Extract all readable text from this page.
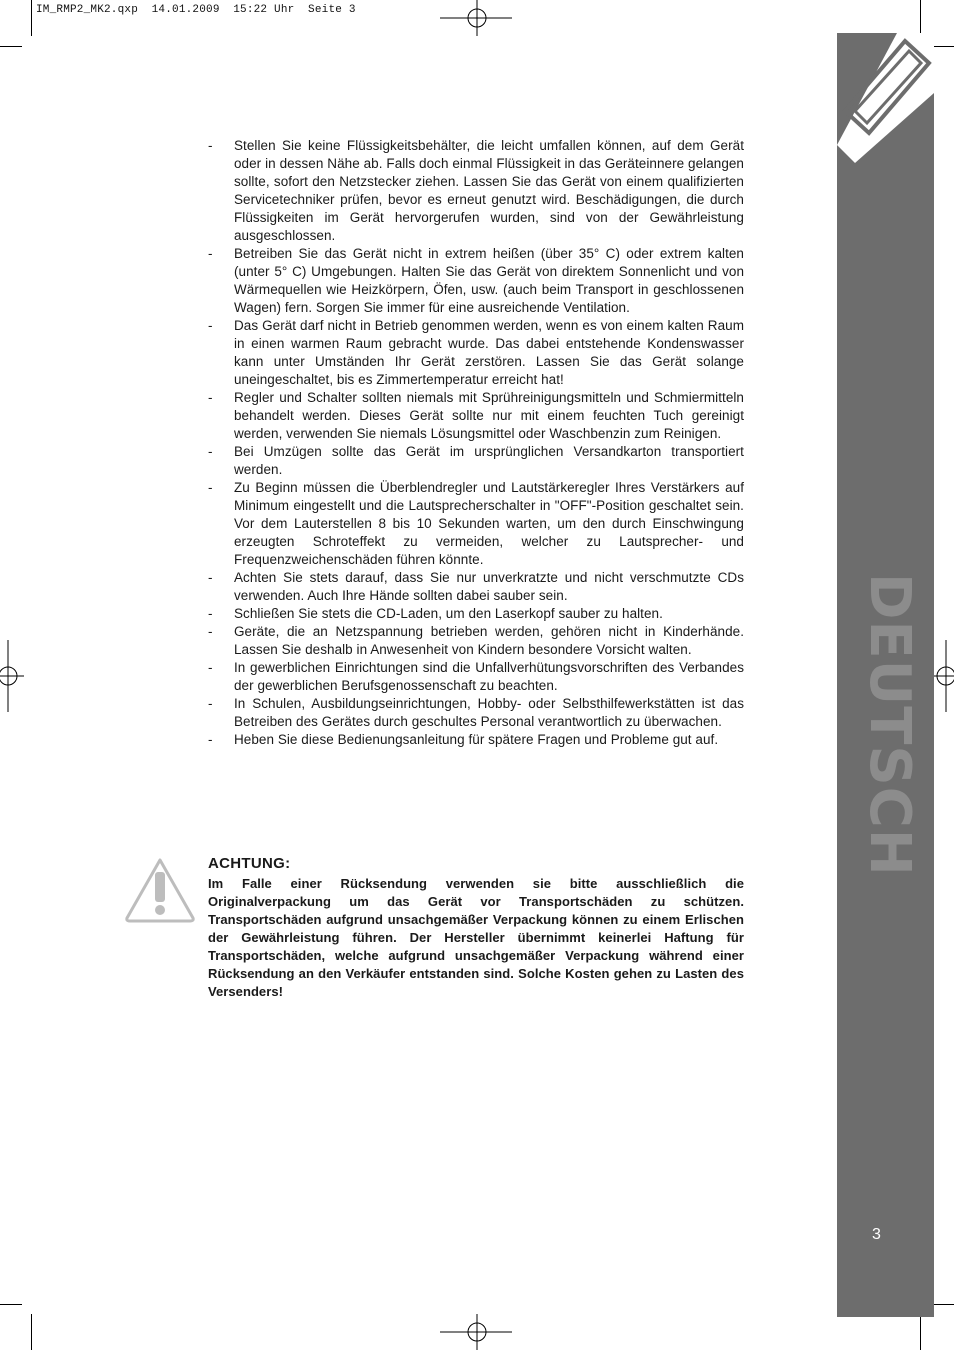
IM_RMP2_MK2.qxp  14.01.2009  15:22 Uhr  Seite 3
DEUTSCH
3
- Stellen Sie keine Flüssigkeitsbehälter, die leicht umfallen können, auf dem Gerät oder in dessen Nähe ab. Falls doch einmal Flüssigkeit in das Geräteinnere gelangen sollte, sofort den Netzstecker ziehen. Lassen Sie das Gerät von einem qualifizierten Servicetechniker prüfen, bevor es erneut genutzt wird. Beschädigungen, die durch Flüssigkeiten im Gerät hervorgerufen wurden, sind von der Gewährleistung ausgeschlossen.
- Betreiben Sie das Gerät nicht in extrem heißen (über 35° C) oder extrem kalten (unter 5° C) Umgebungen. Halten Sie das Gerät von direktem Sonnenlicht und von Wärmequellen wie Heizkörpern, Öfen, usw. (auch beim Transport in geschlossenen Wagen) fern. Sorgen Sie immer für eine ausreichende Ventilation.
- Das Gerät darf nicht in Betrieb genommen werden, wenn es von einem kalten Raum in einen warmen Raum gebracht wurde. Das dabei entstehende Kondenswasser kann unter Umständen Ihr Gerät zerstören. Lassen Sie das Gerät solange uneingeschaltet, bis es Zimmertemperatur erreicht hat!
- Regler und Schalter sollten niemals mit Sprühreinigungsmitteln und Schmiermitteln behandelt werden. Dieses Gerät sollte nur mit einem feuchten Tuch gereinigt werden, verwenden Sie niemals Lösungsmittel oder Waschbenzin zum Reinigen.
- Bei Umzügen sollte das Gerät im ursprünglichen Versandkarton transportiert werden.
- Zu Beginn müssen die Überblendregler und Lautstärkeregler Ihres Verstärkers auf Minimum eingestellt und die Lautsprecherschalter in "OFF"-Position geschaltet sein. Vor dem Lauterstellen 8 bis 10 Sekunden warten, um den durch Einschwingung erzeugten Schroteffekt zu vermeiden, welcher zu Lautsprecher- und Frequenzweichenschäden führen könnte.
- Achten Sie stets darauf, dass Sie nur unverkratzte und nicht verschmutzte CDs verwenden. Auch Ihre Hände sollten dabei sauber sein.
- Schließen Sie stets die CD-Laden, um den Laserkopf sauber zu halten.
- Geräte, die an Netzspannung betrieben werden, gehören nicht in Kinderhände. Lassen Sie deshalb in Anwesenheit von Kindern besondere Vorsicht walten.
- In gewerblichen Einrichtungen sind die Unfallverhütungsvorschriften des Verbandes der gewerblichen Berufsgenossenschaft zu beachten.
- In Schulen, Ausbildungseinrichtungen, Hobby- oder Selbsthilfewerkstätten ist das Betreiben des Gerätes durch geschultes Personal verantwortlich zu überwachen.
- Heben Sie diese Bedienungsanleitung für spätere Fragen und Probleme gut auf.
ACHTUNG:
Im Falle einer Rücksendung verwenden sie bitte ausschließlich die Originalverpackung um das Gerät vor Transportschäden zu schützen. Transportschäden aufgrund unsachgemäßer Verpackung können zu einem Erlischen der Gewährleistung führen. Der Hersteller übernimmt keinerlei Haftung für Transportschäden, welche aufgrund unsachgemäßer Verpackung während einer Rücksendung an den Verkäufer entstanden sind. Solche Kosten gehen zu Lasten des Versenders!
